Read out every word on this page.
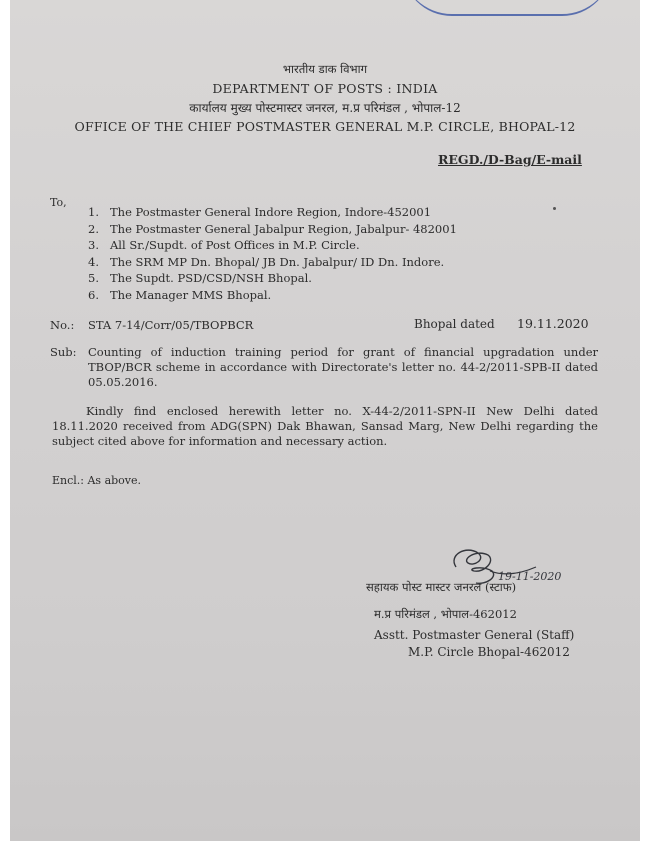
भारतीय डाक विभाग
DEPARTMENT OF POSTS : INDIA
कार्यालय मुख्य पोस्टमास्टर जनरल, म.प्र परिमंडल , भोपाल-12
OFFICE OF THE CHIEF POSTMASTER GENERAL M.P. CIRCLE, BHOPAL-12
REGD./D-Bag/E-mail
To,
1. The Postmaster General Indore Region, Indore-452001
2. The Postmaster General Jabalpur Region, Jabalpur- 482001
3. All Sr./Supdt. of Post Offices in M.P. Circle.
4. The SRM MP Dn. Bhopal/ JB Dn. Jabalpur/ ID Dn. Indore.
5. The Supdt. PSD/CSD/NSH Bhopal.
6. The Manager MMS Bhopal.
No.: STA 7-14/Corr/05/TBOPBCR	Bhopal dated 19.11.2020
Sub: Counting of induction training period for grant of financial upgradation under TBOP/BCR scheme in accordance with Directorate's letter no. 44-2/2011-SPB-II dated 05.05.2016.
Kindly find enclosed herewith letter no. X-44-2/2011-SPN-II New Delhi dated 18.11.2020 received from ADG(SPN) Dak Bhawan, Sansad Marg, New Delhi regarding the subject cited above for information and necessary action.
Encl.: As above.
19-11-2020
सहायक पोस्ट मास्टर जनरल (स्टाफ)
म.प्र परिमंडल , भोपाल-462012
Asstt. Postmaster General (Staff)
M.P. Circle Bhopal-462012
